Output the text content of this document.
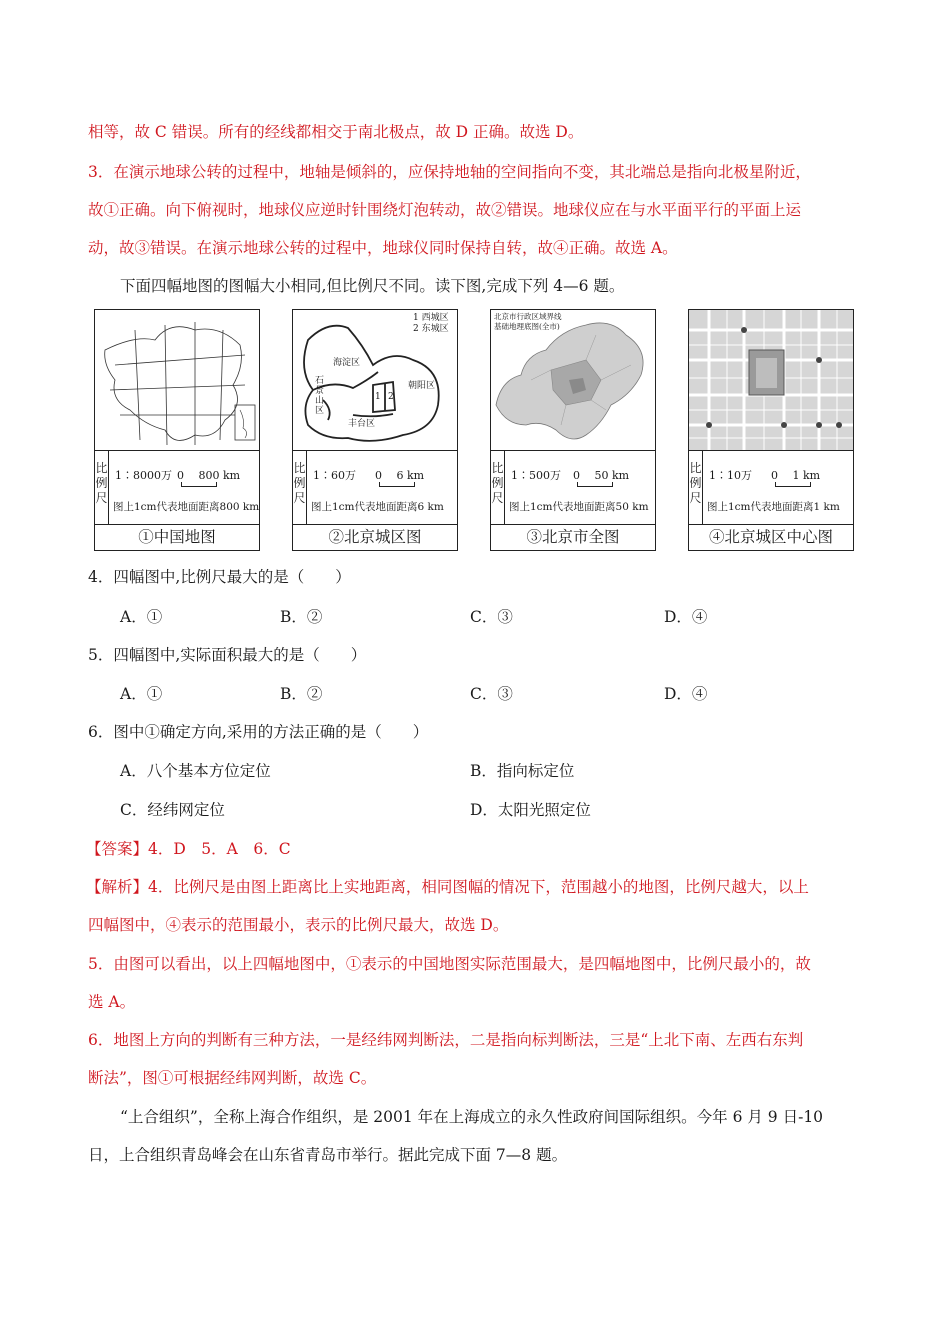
相等，故 C 错误。所有的经线都相交于南北极点，故 D 正确。故选 D。
3．在演示地球公转的过程中，地轴是倾斜的，应保持地轴的空间指向不变，其北端总是指向北极星附近，
故①正确。向下俯视时，地球仪应逆时针围绕灯泡转动，故②错误。地球仪应在与水平面平行的平面上运
动，故③错误。在演示地球公转的过程中，地球仪同时保持自转，故④正确。故选 A。
下面四幅地图的图幅大小相同,但比例尺不同。读下图,完成下列 4—6 题。
比例尺
1∶8000万 0　 800 km
图上1cm代表地面距离800 km
①中国地图
1 西城区
2 东城区
海淀区
朝阳区
石景山区
丰台区
1 2
比例尺
1∶60万 0　 6 km
图上1cm代表地面距离6 km
②北京城区图
北京市行政区域界线
基础地理底图(全市)
比例尺
1∶500万 0　 50 km
图上1cm代表地面距离50 km
③北京市全图
比例尺
1∶10万 0　 1 km
图上1cm代表地面距离1 km
④北京城区中心图
4．四幅图中,比例尺最大的是（　　）
A．①	B．②	C．③	D．④
5．四幅图中,实际面积最大的是（　　）
A．①	B．②	C．③	D．④
6．图中①确定方向,采用的方法正确的是（　　）
A．八个基本方位定位	B．指向标定位
C．经纬网定位	D．太阳光照定位
【答案】4．D　5．A　6．C
【解析】4．比例尺是由图上距离比上实地距离，相同图幅的情况下，范围越小的地图，比例尺越大，以上
四幅图中，④表示的范围最小，表示的比例尺最大，故选 D。
5．由图可以看出，以上四幅地图中，①表示的中国地图实际范围最大，是四幅地图中，比例尺最小的，故
选 A。
6．地图上方向的判断有三种方法，一是经纬网判断法，二是指向标判断法，三是“上北下南、左西右东判
断法”，图①可根据经纬网判断，故选 C。
“上合组织”，全称上海合作组织，是 2001 年在上海成立的永久性政府间国际组织。今年 6 月 9 日-10
日，上合组织青岛峰会在山东省青岛市举行。据此完成下面 7—8 题。
